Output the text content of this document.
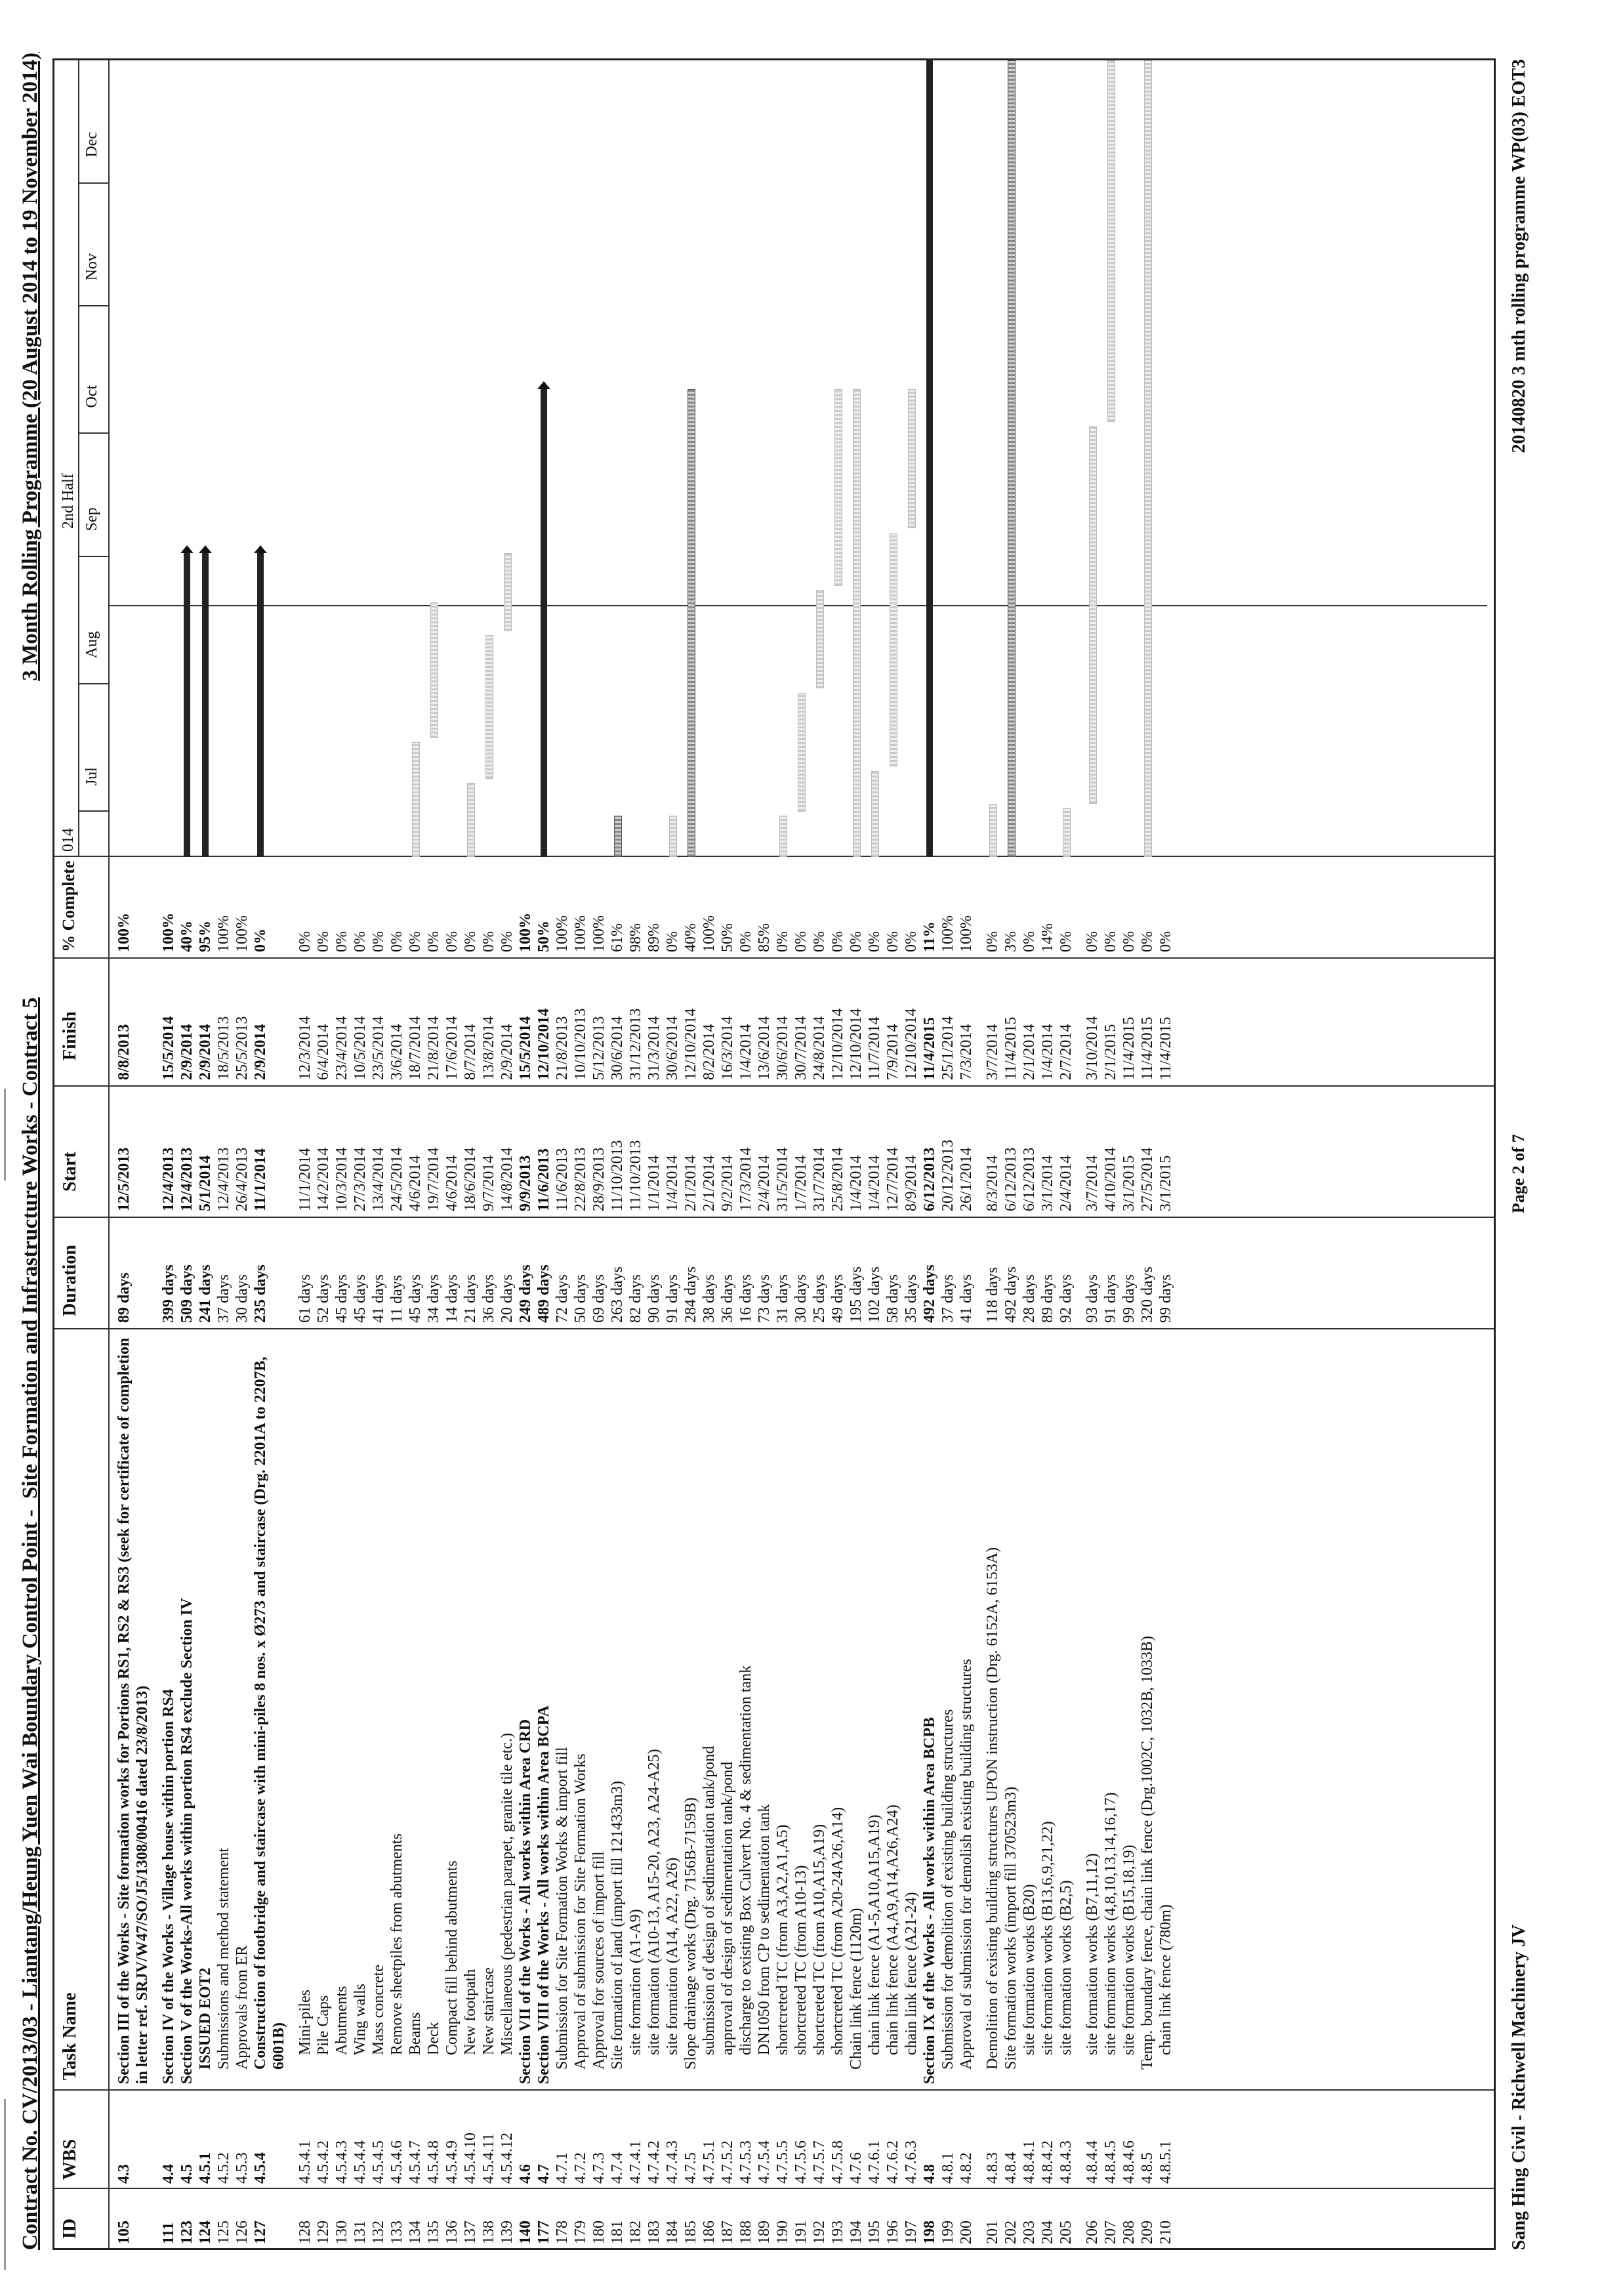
Contract No. CV/2013/03 - Liantang/Heung Yuen Wai Boundary Control Point -  Site Formation and Infrastructure Works - Contract 5
3 Month Rolling Programme (20 August 2014 to 19 November 2014)
ID
WBS
Task Name
Duration
Start
Finish
% Complete
014
2nd Half
Jul
Aug
Sep
Oct
Nov
Dec
105
4.3
Section III of the Works - Site formation works for Portions RS1, RS2 & RS3 (seek for certificate of completion in letter ref. SRJV/W47/SO/J5/1308/00416 dated 23/8/2013)
89 days
12/5/2013
8/8/2013
100%
111
4.4
Section IV of the Works - Village house within portion RS4
399 days
12/4/2013
15/5/2014
100%
123
4.5
Section V of the Works-All works within portion RS4 exclude Section IV
509 days
12/4/2013
2/9/2014
40%
124
4.5.1
ISSUED EOT2
241 days
5/1/2014
2/9/2014
95%
125
4.5.2
Submissions and method statement
37 days
12/4/2013
18/5/2013
100%
126
4.5.3
Approvals from ER
30 days
26/4/2013
25/5/2013
100%
127
4.5.4
Construction of footbridge and staircase with mini-piles 8 nos. x Ø273 and staircase (Drg. 2201A to 2207B, 6001B)
235 days
11/1/2014
2/9/2014
0%
128
4.5.4.1
Mini-piles
61 days
11/1/2014
12/3/2014
0%
129
4.5.4.2
Pile Caps
52 days
14/2/2014
6/4/2014
0%
130
4.5.4.3
Abutments
45 days
10/3/2014
23/4/2014
0%
131
4.5.4.4
Wing walls
45 days
27/3/2014
10/5/2014
0%
132
4.5.4.5
Mass concrete
41 days
13/4/2014
23/5/2014
0%
133
4.5.4.6
Remove sheetpiles from abutments
11 days
24/5/2014
3/6/2014
0%
134
4.5.4.7
Beams
45 days
4/6/2014
18/7/2014
0%
135
4.5.4.8
Deck
34 days
19/7/2014
21/8/2014
0%
136
4.5.4.9
Compact fill behind abutments
14 days
4/6/2014
17/6/2014
0%
137
4.5.4.10
New footpath
21 days
18/6/2014
8/7/2014
0%
138
4.5.4.11
New staircase
36 days
9/7/2014
13/8/2014
0%
139
4.5.4.12
Miscellaneous (pedestrian parapet, granite tile etc.)
20 days
14/8/2014
2/9/2014
0%
140
4.6
Section VII of the Works - All works within Area CRD
249 days
9/9/2013
15/5/2014
100%
177
4.7
Section VIII of the Works - All works within Area BCPA
489 days
11/6/2013
12/10/2014
50%
178
4.7.1
Submission for Site Formation Works & import fill
72 days
11/6/2013
21/8/2013
100%
179
4.7.2
Approval of submission for Site Formation Works
50 days
22/8/2013
10/10/2013
100%
180
4.7.3
Approval for sources of import fill
69 days
28/9/2013
5/12/2013
100%
181
4.7.4
Site formation of land (import fill 121433m3)
263 days
11/10/2013
30/6/2014
61%
182
4.7.4.1
site formation (A1-A9)
82 days
11/10/2013
31/12/2013
98%
183
4.7.4.2
site formation (A10-13, A15-20, A23, A24-A25)
90 days
1/1/2014
31/3/2014
89%
184
4.7.4.3
site formation (A14, A22, A26)
91 days
1/4/2014
30/6/2014
0%
185
4.7.5
Slope drainage works (Drg. 7156B-7159B)
284 days
2/1/2014
12/10/2014
40%
186
4.7.5.1
submission of design of sedimentation tank/pond
38 days
2/1/2014
8/2/2014
100%
187
4.7.5.2
approval of design of sedimentation tank/pond
36 days
9/2/2014
16/3/2014
50%
188
4.7.5.3
discharge to existing Box Culvert No. 4 & sedimentation tank
16 days
17/3/2014
1/4/2014
0%
189
4.7.5.4
DN1050 from CP to sedimentation tank
73 days
2/4/2014
13/6/2014
85%
190
4.7.5.5
shortcreted TC (from A3,A2,A1,A5)
31 days
31/5/2014
30/6/2014
0%
191
4.7.5.6
shortcreted TC (from A10-13)
30 days
1/7/2014
30/7/2014
0%
192
4.7.5.7
shortcreted TC (from A10,A15,A19)
25 days
31/7/2014
24/8/2014
0%
193
4.7.5.8
shortcreted TC (from A20-24A26,A14)
49 days
25/8/2014
12/10/2014
0%
194
4.7.6
Chain link fence (1120m)
195 days
1/4/2014
12/10/2014
0%
195
4.7.6.1
chain link fence (A1-5,A10,A15,A19)
102 days
1/4/2014
11/7/2014
0%
196
4.7.6.2
chain link fence (A4,A9,A14,A26,A24)
58 days
12/7/2014
7/9/2014
0%
197
4.7.6.3
chain link fence (A21-24)
35 days
8/9/2014
12/10/2014
0%
198
4.8
Section IX of the Works - All works within Area BCPB
492 days
6/12/2013
11/4/2015
11%
199
4.8.1
Submission for demolition of existing building structures
37 days
20/12/2013
25/1/2014
100%
200
4.8.2
Approval of submission for demolish existing building structures
41 days
26/1/2014
7/3/2014
100%
201
4.8.3
Demolition of existing building structures UPON instruction (Drg. 6152A, 6153A)
118 days
8/3/2014
3/7/2014
0%
202
4.8.4
Site formation works (import fill 370523m3)
492 days
6/12/2013
11/4/2015
3%
203
4.8.4.1
site formation works (B20)
28 days
6/12/2013
2/1/2014
0%
204
4.8.4.2
site formation works (B13,6,9,21,22)
89 days
3/1/2014
1/4/2014
14%
205
4.8.4.3
site formation works (B2,5)
92 days
2/4/2014
2/7/2014
0%
206
4.8.4.4
site formation works (B7,11,12)
93 days
3/7/2014
3/10/2014
0%
207
4.8.4.5
site formation works (4,8,10,13,14,16,17)
91 days
4/10/2014
2/1/2015
0%
208
4.8.4.6
site formation works (B15,18,19)
99 days
3/1/2015
11/4/2015
0%
209
4.8.5
Temp. boundary fence, chain link fence (Drg.1002C, 1032B, 1033B)
320 days
27/5/2014
11/4/2015
0%
210
4.8.5.1
chain link fence (780m)
99 days
3/1/2015
11/4/2015
0%
Sang Hing Civil - Richwell Machinery JV
Page 2 of 7
20140820 3 mth rolling programme WP(03) EOT3
